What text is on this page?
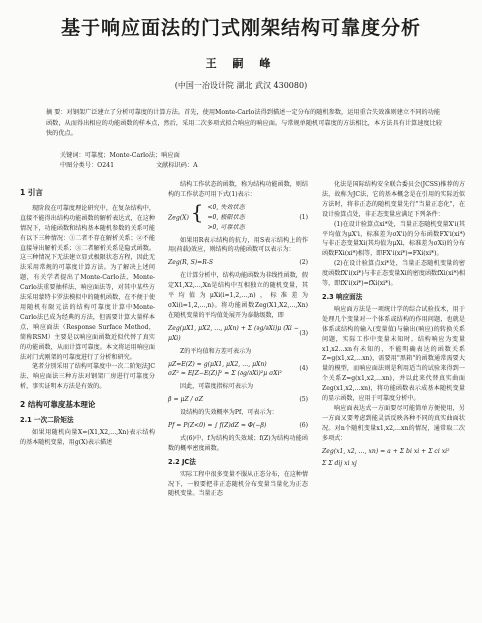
基于响应面法的门式刚架结构可靠度分析
王 嗣 峰
(中国一冶设计院 湖北 武汉 430080)
摘 要：对钢架广泛建立了分析可靠度的计算方法。首先，使用Monte-Carlo法得到描述一定分布的随机参数，运用重合失效准则建立不同的功能函数，从而得出相应的功能函数的样本点，然后，采用二次多项式拟合响应的响应面。与常规单随机可靠度的方法相比，本方法具有计算速度比较快的优点。
关键词：可靠度；Monte-Carlo法；响应面
中图分类号：O241	文献标识码：A
1 引言

现阶段在可靠度理论研究中，在复杂结构中，直接不能得出结构功能函数的解析表达式，在这种情况下，功能函数和结构基本随机参数的关系可能有以下三种情况：①二者不存在解析关系；②不能直接导出解析关系；③二者解析关系是隐式函数。这三种情况下无法建立显式极限状态方程，因此无法采用常规的可靠度计算方法。为了解决上述问题，有关学者提出了Monte-Carlo法、Monte-Carlo法重要抽样法、响应面法等，对其中某些方法采用蒙特卡罗法模拟中的随机函数，在不便于使用随机有限元法的结构可靠度计算中Monte-Carlo法已成为经典的方法，但需要计算大量样本点，响应面法（Response Surface Method，简称RSM）主要是以响应面函数近似代替了真实的功能函数，从而计算可靠度。本文将运用响应面法对门式刚架的可靠度进行了分析和研究。

笔者分别采用了结构可靠度中一次二阶矩法JC法、响应面法三种方法对钢架厂房进行可靠度分析，事实证明本方法是有效的。

2 结构可靠度基本理论
2.1 一次二阶矩法

如果用随机向量X=(X1,X2,…,Xn)表示结构的基本随机变量，用g(X)表示描述

结构工作状态的函数，称为结构功能函数，则结构的工作状态可用下式(1)表示：

Zeg(X) { <0, 失效状态
=0, 极限状态
>0, 可靠状态
(1)

如果用R表示结构的抗力，用S表示结构上的作用(荷载)效应，则结构的功能函数可以表示为：

Zeg(R, S)=R-S	(2)

在计算分析中，结构功能函数为非线性函数，假定X1,X2,…,Xn是结构中互相独立的随机变量，其平均值为μXi(i=1,2,…,n)，标准差为σXi(i=1,2,…,n)。将功能函数Zeg(X1,X2,…,Xn)在随机变量的平均值处展开为泰勒级数，即

Zeg(μX1, μX2, …, μXn) + Σ (∂g/∂Xi)μ (Xi − μXi)
(3)

Z的平均值和方差可表示为

μZ=E(Z) ≈ g(μX1, μX2, …, μXn)
σZ² = E[Z−E(Z)]² ≈ Σ (∂g/∂Xi)²μ σXi²
(4)

因此，可靠度指标可表示为

β = μZ / σZ	(5)

设结构的失效概率为Pf，可表示为：

Pf = P(Z<0) = ∫ f(Z)dZ ≈ Φ(−β)	(6)

式(6)中，f为结构的失效域；f(Z)为结构功能函数的概率密度函数。

2.2 JC法

实际工程中很多变量不服从正态分布，在这种情况下，一般要把非正态随机分布变量当量化为正态随机变量。当量正态

化法是国际结构安全联合委员会(JCSS)推荐的方法，故称为JC法，它的基本概念是在引用的实际近似方法时，将非正态的随机变量先行"当量正态化"，在设计验算点处，非正态变量应满足下列条件：

(1)在设计验算点xi*处，当量正态随机变量X'i(其平均值为μX'i，标准差为σX'i)的分布函数FX'i(xi*)与非正态变量Xi(其均值为μXi，标准差为σXi)的分布函数FXi(xi*)相等，即FX'i(xi*)=FXi(xi*)。

(2)在设计验算点xi*处，当量正态随机变量的密度函数fX'i(xi*)与非正态变量Xi的密度函数fXi(xi*)相等，即fX'i(xi*)=fXi(xi*)。

2.3 响应面法

响应面方法是一项统计学的综合试验技术，用于处理几个变量对一个体系或结构的作用问题，也就是体系或结构的输入(变量值)与输出(响应)的转换关系问题，实际工作中变量未知时，结构响应为变量x1,x2…xn有未知的，不能明确表达的函数关系Z=g(x1,x2,…xn)，需要用"黑箱"的函数通常需要大量的模型，而响应面法则是利用适当的试验来得到一个关系Z=g(x1,x2,…xn)，并以此来代替真实曲面Zeg(x1,x2,…xn)，将功能函数表示成基本随机变量的显示函数，应用于可靠度分析中。

响应面表达式一方面要尽可能简单方便使用，另一方面又要考虑到能灵活反映各种不同的真实曲面状况。对n个随机变量x1,x2,…xn的情况，通常取二次多项式：

Zeg(x1, x2, …, xn) = a + Σ bi xi + Σ ci xi²
Σ Σ dij xi xj
